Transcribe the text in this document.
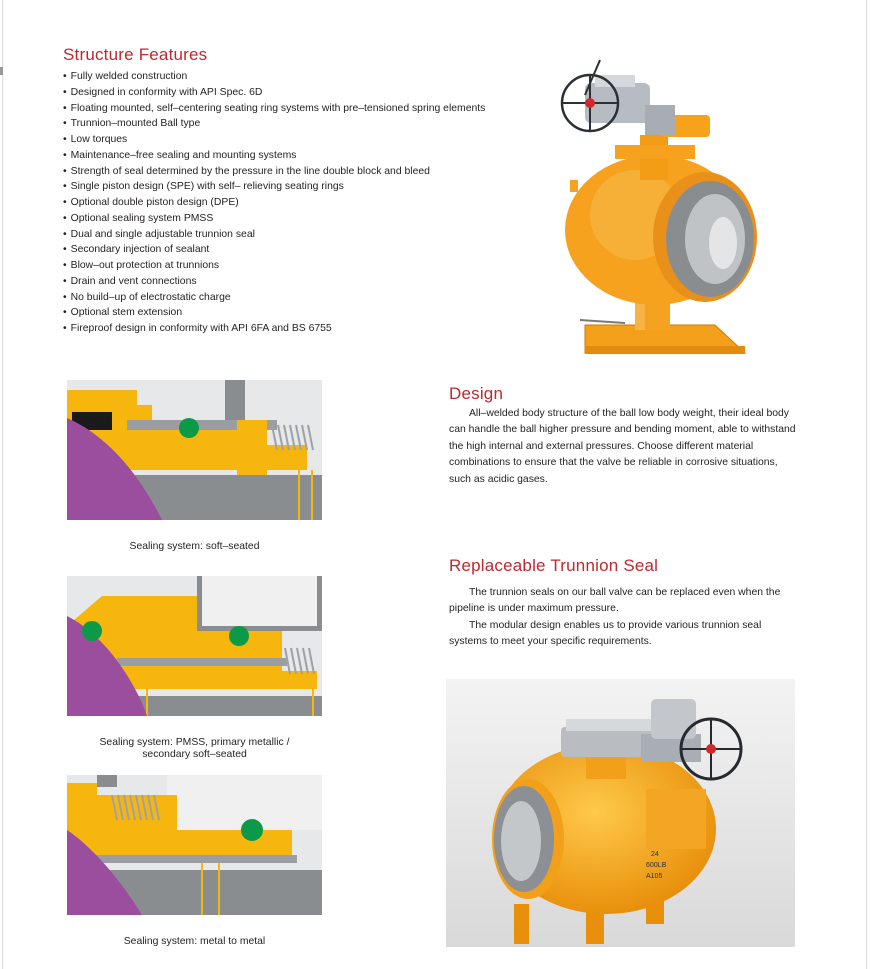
Structure Features
• Fully welded construction
• Designed in conformity with API Spec. 6D
• Floating mounted, self–centering seating ring systems with pre–tensioned spring elements
• Trunnion–mounted Ball type
• Low torques
• Maintenance–free sealing and mounting systems
• Strength of seal determined by the pressure in the line double block and bleed
• Single piston design (SPE) with self– relieving seating rings
• Optional double piston design (DPE)
• Optional sealing system PMSS
• Dual and single adjustable trunnion seal
• Secondary injection of sealant
• Blow–out protection at trunnions
• Drain and vent connections
• No build–up of electrostatic charge
• Optional stem extension
• Fireproof design in conformity with API 6FA and BS 6755
Sealing system: soft–seated
Sealing system: PMSS, primary metallic /
secondary soft–seated
Sealing system: metal to metal
Design

All–welded body structure of the ball low body weight, their ideal body can handle the ball higher pressure and bending moment, able to withstand the high internal and external pressures. Choose different material combinations to ensure that the valve be reliable in corrosive situations, such as acidic gases.

Replaceable Trunnion Seal

The trunnion seals on our ball valve can be replaced even when the pipeline is under maximum pressure.

The modular design enables us to provide various trunnion seal systems to meet your specific requirements.

24
600LB
A105
